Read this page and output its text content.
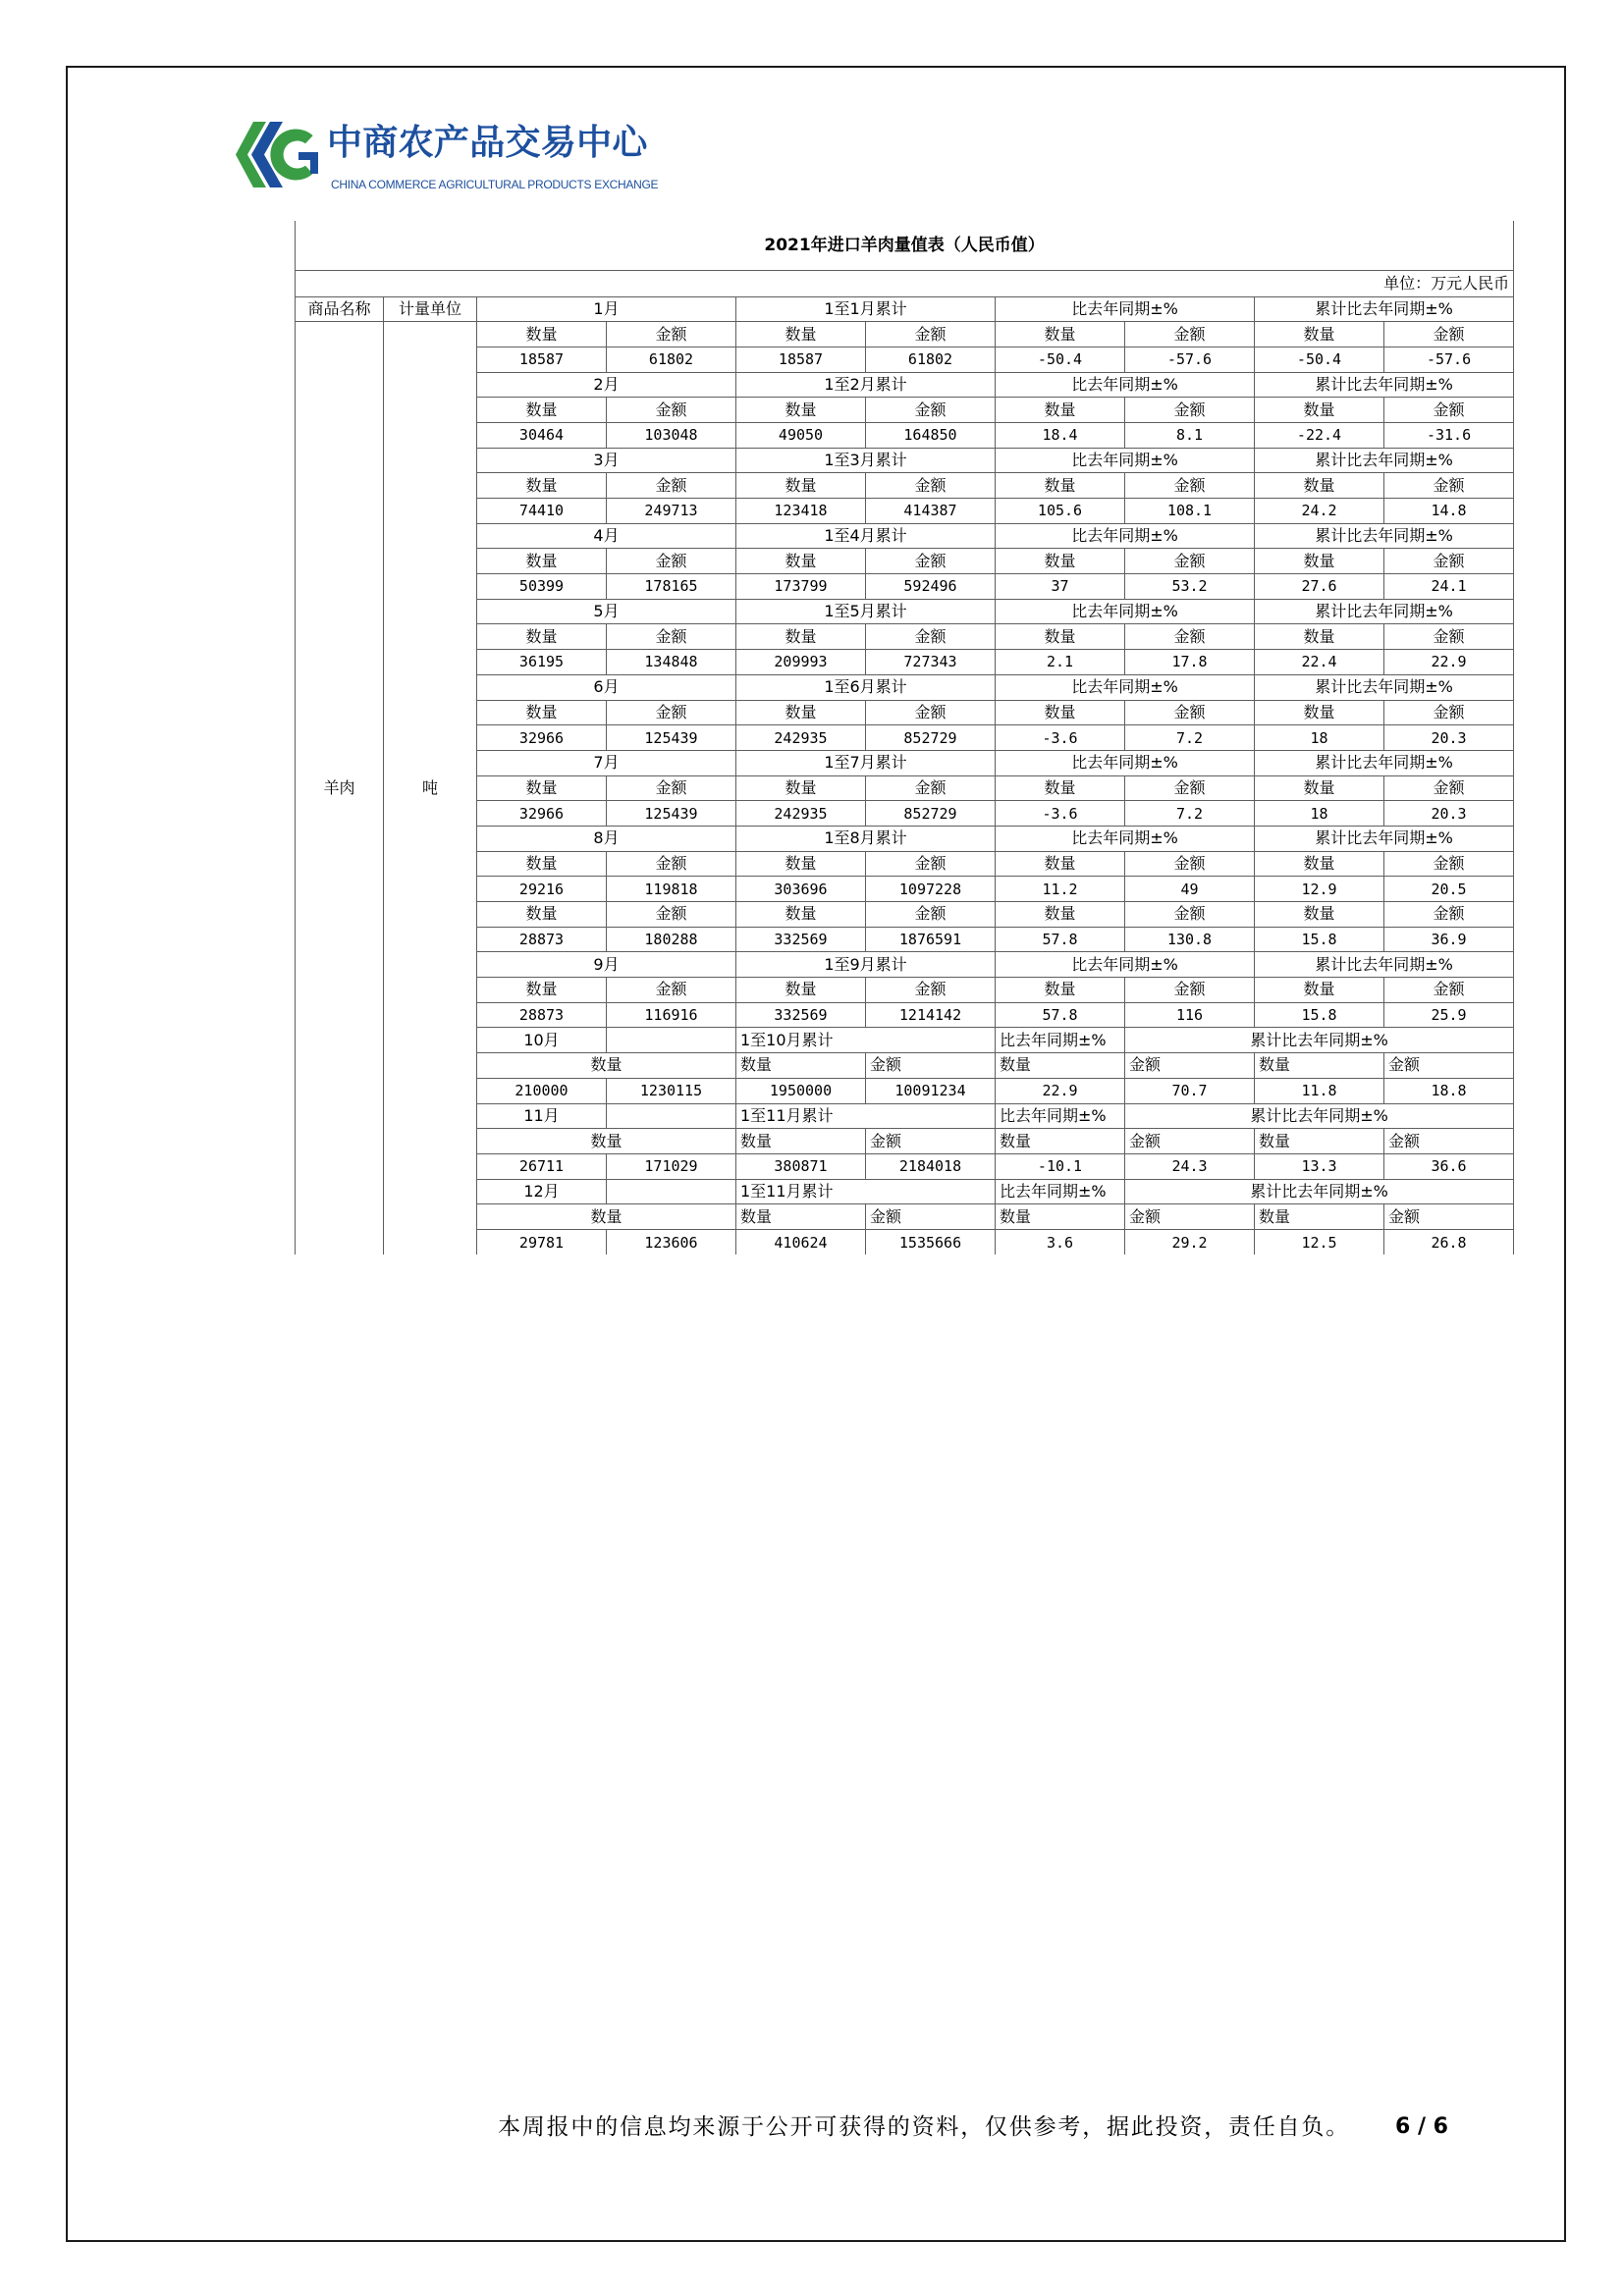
中商农产品交易中心
CHINA COMMERCE AGRICULTURAL PRODUCTS EXCHANGE
2021年进口羊肉量值表（人民币值）									
单位：万元人民币									
商品名称	计量单位	1月		1至1月累计		比去年同期±%		累计比去年同期±%	
羊肉	吨	数量	金额	数量	金额	数量	金额	数量	金额
		18587	61802	18587	61802	-50.4	-57.6	-50.4	-57.6
		2月		1至2月累计		比去年同期±%		累计比去年同期±%	
		数量	金额	数量	金额	数量	金额	数量	金额
		30464	103048	49050	164850	18.4	8.1	-22.4	-31.6
		3月		1至3月累计		比去年同期±%		累计比去年同期±%	
		数量	金额	数量	金额	数量	金额	数量	金额
		74410	249713	123418	414387	105.6	108.1	24.2	14.8
		4月		1至4月累计		比去年同期±%		累计比去年同期±%	
		数量	金额	数量	金额	数量	金额	数量	金额
		50399	178165	173799	592496	37	53.2	27.6	24.1
		5月		1至5月累计		比去年同期±%		累计比去年同期±%	
		数量	金额	数量	金额	数量	金额	数量	金额
		36195	134848	209993	727343	2.1	17.8	22.4	22.9
		6月		1至6月累计		比去年同期±%		累计比去年同期±%	
		数量	金额	数量	金额	数量	金额	数量	金额
		32966	125439	242935	852729	-3.6	7.2	18	20.3
		7月		1至7月累计		比去年同期±%		累计比去年同期±%	
		数量	金额	数量	金额	数量	金额	数量	金额
		32966	125439	242935	852729	-3.6	7.2	18	20.3
		8月		1至8月累计		比去年同期±%		累计比去年同期±%	
		数量	金额	数量	金额	数量	金额	数量	金额
		29216	119818	303696	1097228	11.2	49	12.9	20.5
		数量	金额	数量	金额	数量	金额	数量	金额
		28873	180288	332569	1876591	57.8	130.8	15.8	36.9
		9月		1至9月累计		比去年同期±%		累计比去年同期±%	
		数量	金额	数量	金额	数量	金额	数量	金额
		28873	116916	332569	1214142	57.8	116	15.8	25.9
		10月		1至10月累计		比去年同期±%	累计比去年同期±%		
		数量		数量	金额	数量	金额	数量	金额
		210000	1230115	1950000	10091234	22.9	70.7	11.8	18.8
		11月		1至11月累计		比去年同期±%	累计比去年同期±%		
		数量		数量	金额	数量	金额	数量	金额
		26711	171029	380871	2184018	-10.1	24.3	13.3	36.6
		12月		1至11月累计		比去年同期±%	累计比去年同期±%		
		数量		数量	金额	数量	金额	数量	金额
		29781	123606	410624	1535666	3.6	29.2	12.5	26.8
本周报中的信息均来源于公开可获得的资料，仅供参考，据此投资，责任自负。 6 / 6
